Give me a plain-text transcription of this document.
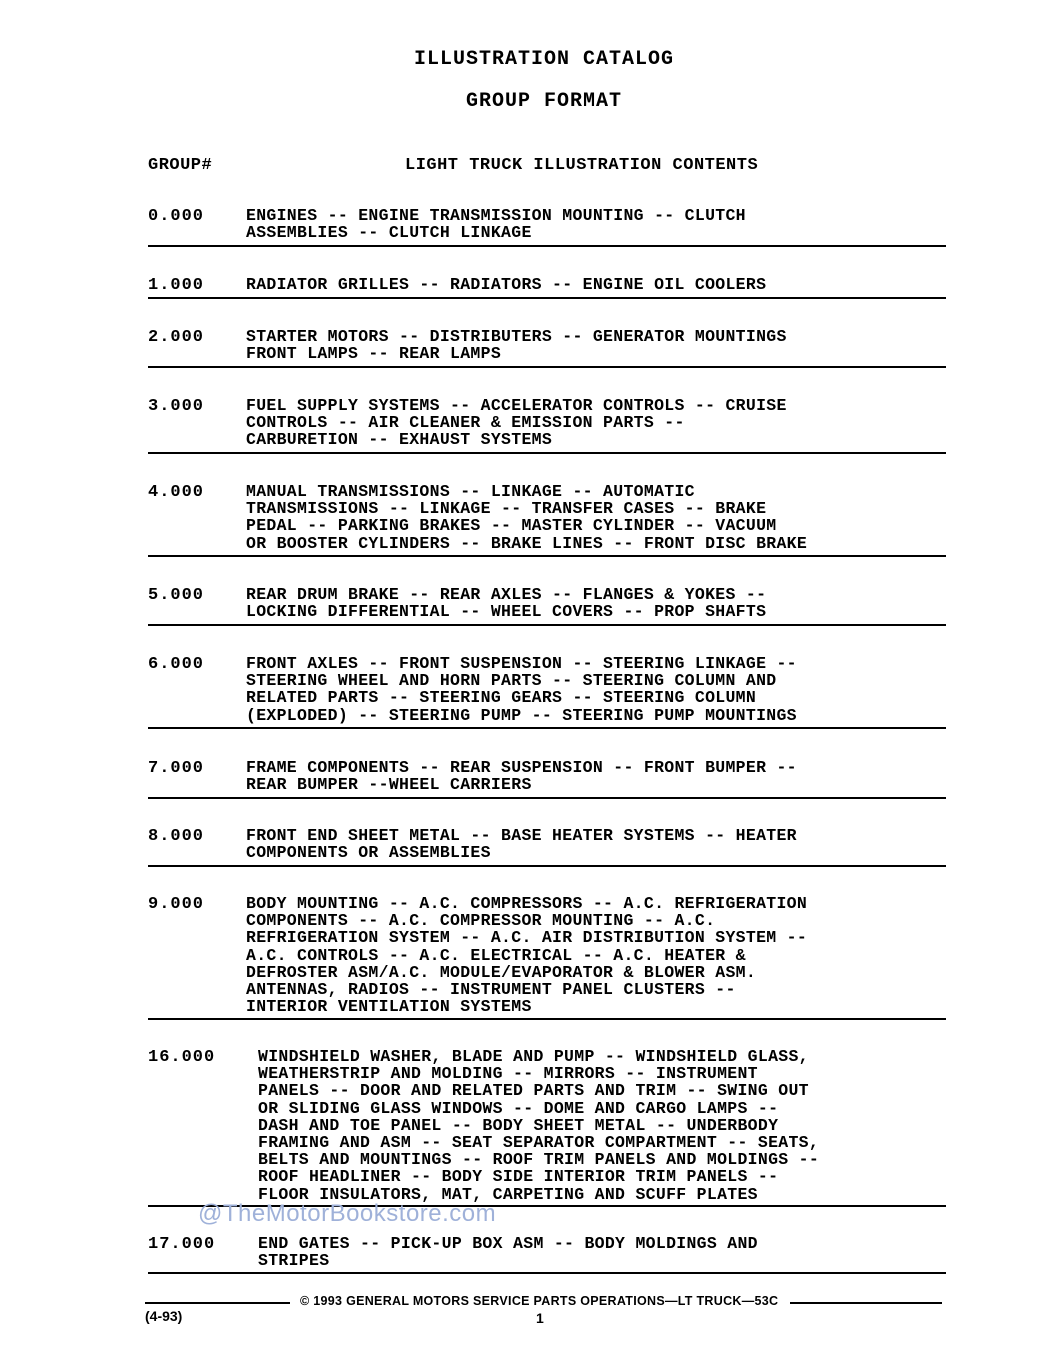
ILLUSTRATION CATALOG
GROUP FORMAT
GROUP#	LIGHT TRUCK ILLUSTRATION CONTENTS
0.000	ENGINES -- ENGINE TRANSMISSION MOUNTING -- CLUTCH
ASSEMBLIES -- CLUTCH LINKAGE
1.000	RADIATOR GRILLES -- RADIATORS -- ENGINE OIL COOLERS
2.000	STARTER MOTORS -- DISTRIBUTERS -- GENERATOR MOUNTINGS
FRONT LAMPS -- REAR LAMPS
3.000	FUEL SUPPLY SYSTEMS -- ACCELERATOR CONTROLS -- CRUISE
CONTROLS -- AIR CLEANER & EMISSION PARTS --
CARBURETION -- EXHAUST SYSTEMS
4.000	MANUAL TRANSMISSIONS -- LINKAGE -- AUTOMATIC
TRANSMISSIONS -- LINKAGE -- TRANSFER CASES -- BRAKE
PEDAL -- PARKING BRAKES -- MASTER CYLINDER -- VACUUM
OR BOOSTER CYLINDERS -- BRAKE LINES -- FRONT DISC BRAKE
5.000	REAR DRUM BRAKE -- REAR AXLES -- FLANGES & YOKES --
LOCKING DIFFERENTIAL -- WHEEL COVERS -- PROP SHAFTS
6.000	FRONT AXLES -- FRONT SUSPENSION -- STEERING LINKAGE --
STEERING WHEEL AND HORN PARTS -- STEERING COLUMN AND
RELATED PARTS -- STEERING GEARS -- STEERING COLUMN
(EXPLODED) -- STEERING PUMP -- STEERING PUMP MOUNTINGS
7.000	FRAME COMPONENTS -- REAR SUSPENSION -- FRONT BUMPER --
REAR BUMPER --WHEEL CARRIERS
8.000	FRONT END SHEET METAL -- BASE HEATER SYSTEMS -- HEATER
COMPONENTS OR ASSEMBLIES
9.000	BODY MOUNTING -- A.C. COMPRESSORS -- A.C. REFRIGERATION
COMPONENTS -- A.C. COMPRESSOR MOUNTING -- A.C.
REFRIGERATION SYSTEM -- A.C. AIR DISTRIBUTION SYSTEM --
A.C. CONTROLS -- A.C. ELECTRICAL -- A.C. HEATER &
DEFROSTER ASM/A.C. MODULE/EVAPORATOR & BLOWER ASM.
ANTENNAS, RADIOS -- INSTRUMENT PANEL CLUSTERS --
INTERIOR VENTILATION SYSTEMS
16.000	WINDSHIELD WASHER, BLADE AND PUMP -- WINDSHIELD GLASS,
WEATHERSTRIP AND MOLDING -- MIRRORS -- INSTRUMENT
PANELS -- DOOR AND RELATED PARTS AND TRIM -- SWING OUT
OR SLIDING GLASS WINDOWS -- DOME AND CARGO LAMPS --
DASH AND TOE PANEL -- BODY SHEET METAL -- UNDERBODY
FRAMING AND ASM -- SEAT SEPARATOR COMPARTMENT -- SEATS,
BELTS AND MOUNTINGS -- ROOF TRIM PANELS AND MOLDINGS --
ROOF HEADLINER -- BODY SIDE INTERIOR TRIM PANELS --
FLOOR INSULATORS, MAT, CARPETING AND SCUFF PLATES
@TheMotorBookstore.com
17.000	END GATES -- PICK-UP BOX ASM -- BODY MOLDINGS AND
STRIPES
© 1993 GENERAL MOTORS SERVICE PARTS OPERATIONS—LT TRUCK—53C
(4-93)	1
